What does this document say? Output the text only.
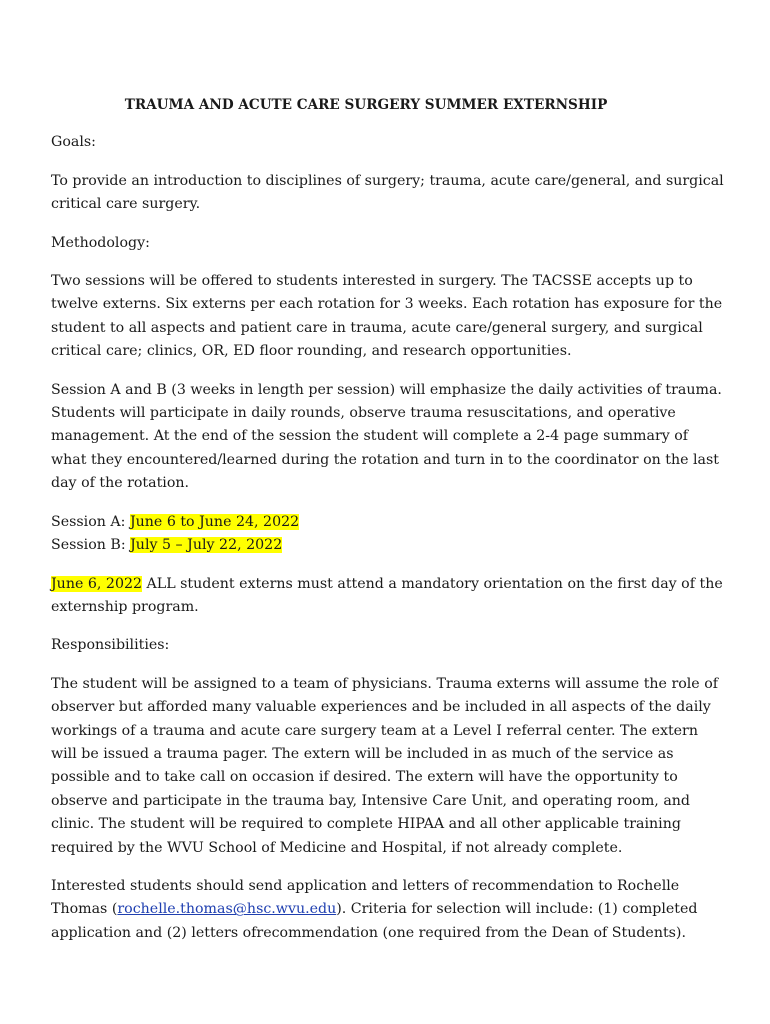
TRAUMA AND ACUTE CARE SURGERY SUMMER EXTERNSHIP

Goals:

To provide an introduction to disciplines of surgery; trauma, acute care/general, and surgical critical care surgery.

Methodology:

Two sessions will be offered to students interested in surgery. The TACSSE accepts up to twelve externs. Six externs per each rotation for 3 weeks. Each rotation has exposure for the student to all aspects and patient care in trauma, acute care/general surgery, and surgical critical care; clinics, OR, ED floor rounding, and research opportunities.

Session A and B (3 weeks in length per session) will emphasize the daily activities of trauma. Students will participate in daily rounds, observe trauma resuscitations, and operative management. At the end of the session the student will complete a 2-4 page summary of what they encountered/learned during the rotation and turn in to the coordinator on the last day of the rotation.

Session A: June 6 to June 24, 2022
Session B: July 5 – July 22, 2022

June 6, 2022 ALL student externs must attend a mandatory orientation on the first day of the externship program.

Responsibilities:

The student will be assigned to a team of physicians. Trauma externs will assume the role of observer but afforded many valuable experiences and be included in all aspects of the daily workings of a trauma and acute care surgery team at a Level I referral center. The extern will be issued a trauma pager. The extern will be included in as much of the service as possible and to take call on occasion if desired. The extern will have the opportunity to observe and participate in the trauma bay, Intensive Care Unit, and operating room, and clinic. The student will be required to complete HIPAA and all other applicable training required by the WVU School of Medicine and Hospital, if not already complete.

Interested students should send application and letters of recommendation to Rochelle Thomas (rochelle.thomas@hsc.wvu.edu). Criteria for selection will include: (1) completed application and (2) letters ofrecommendation (one required from the Dean of Students).
